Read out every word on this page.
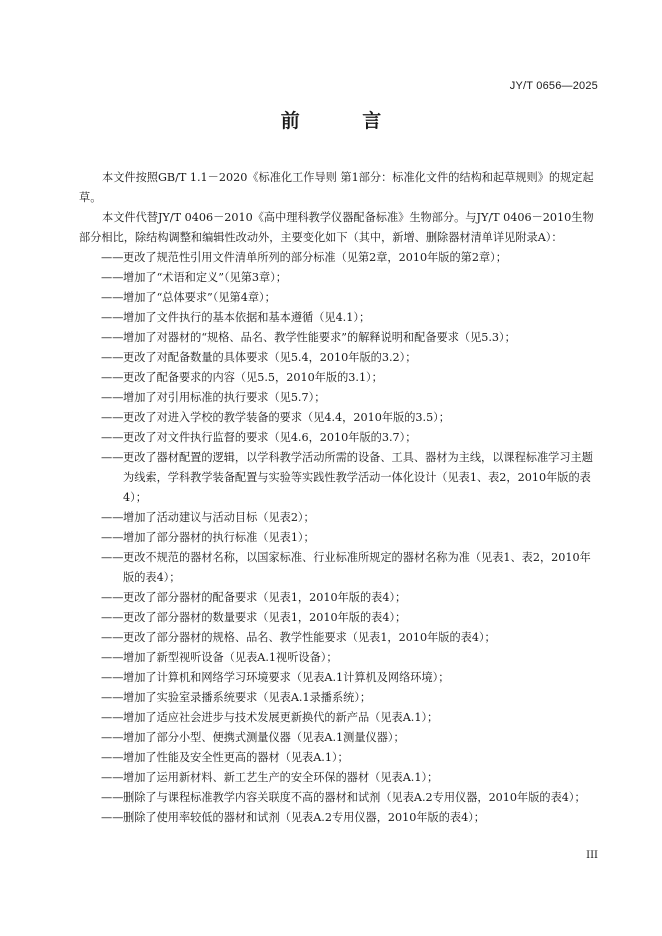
JY/T 0656—2025
前 言

本文件按照GB/T 1.1－2020《标准化工作导则 第1部分：标准化文件的结构和起草规则》的规定起草。

本文件代替JY/T 0406－2010《高中理科教学仪器配备标准》生物部分。与JY/T 0406－2010生物部分相比，除结构调整和编辑性改动外，主要变化如下（其中，新增、删除器材清单详见附录A）：

—— 更改了规范性引用文件清单所列的部分标准（见第2章，2010年版的第2章）；

—— 增加了“术语和定义”（见第3章）；

—— 增加了“总体要求”（见第4章）；

—— 增加了文件执行的基本依据和基本遵循（见4.1）；

—— 增加了对器材的“规格、品名、教学性能要求”的解释说明和配备要求（见5.3）；

—— 更改了对配备数量的具体要求（见5.4，2010年版的3.2）；

—— 更改了配备要求的内容（见5.5，2010年版的3.1）；

—— 增加了对引用标准的执行要求（见5.7）；

—— 更改了对进入学校的教学装备的要求（见4.4，2010年版的3.5）；

—— 更改了对文件执行监督的要求（见4.6，2010年版的3.7）；

—— 更改了器材配置的逻辑，以学科教学活动所需的设备、工具、器材为主线，以课程标准学习主题为线索，学科教学装备配置与实验等实践性教学活动一体化设计（见表1、表2，2010年版的表4）；

—— 增加了活动建议与活动目标（见表2）；

—— 增加了部分器材的执行标准（见表1）；

—— 更改不规范的器材名称，以国家标准、行业标准所规定的器材名称为准（见表1、表2，2010年版的表4）；

—— 更改了部分器材的配备要求（见表1，2010年版的表4）；

—— 更改了部分器材的数量要求（见表1，2010年版的表4）；

—— 更改了部分器材的规格、品名、教学性能要求（见表1，2010年版的表4）；

—— 增加了新型视听设备（见表A.1视听设备）；

—— 增加了计算机和网络学习环境要求（见表A.1计算机及网络环境）；

—— 增加了实验室录播系统要求（见表A.1录播系统）；

—— 增加了适应社会进步与技术发展更新换代的新产品（见表A.1）；

—— 增加了部分小型、便携式测量仪器（见表A.1测量仪器）；

—— 增加了性能及安全性更高的器材（见表A.1）；

—— 增加了运用新材料、新工艺生产的安全环保的器材（见表A.1）；

—— 删除了与课程标准教学内容关联度不高的器材和试剂（见表A.2专用仪器，2010年版的表4）；

—— 删除了使用率较低的器材和试剂（见表A.2专用仪器，2010年版的表4）；

III
